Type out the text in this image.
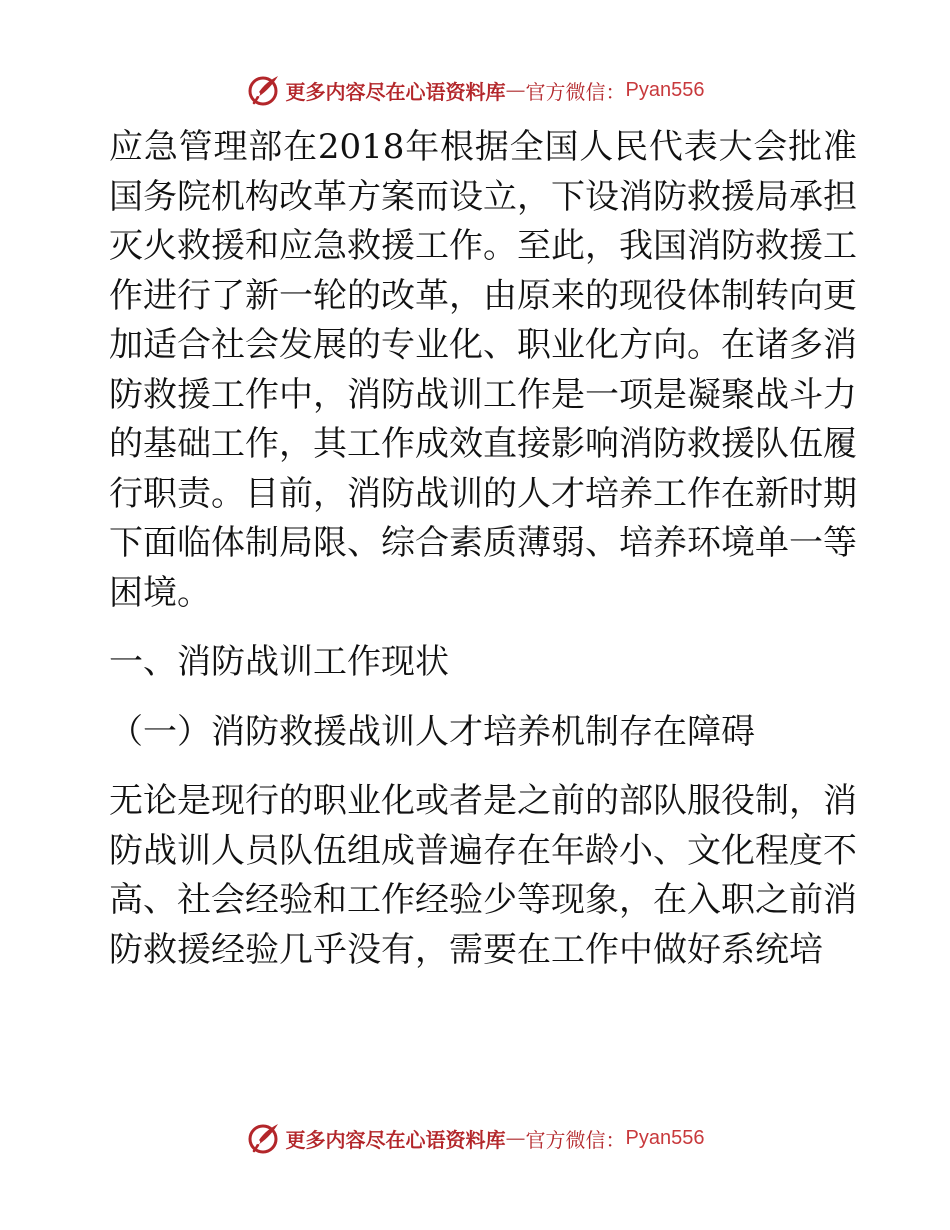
更多内容尽在心语资料库 — 官方微信： Pyan556

应急管理部在2018年根据全国人民代表大会批准国务院机构改革方案而设立，下设消防救援局承担灭火救援和应急救援工作。至此，我国消防救援工作进行了新一轮的改革，由原来的现役体制转向更加适合社会发展的专业化、职业化方向。在诸多消防救援工作中，消防战训工作是一项是凝聚战斗力的基础工作，其工作成效直接影响消防救援队伍履行职责。目前，消防战训的人才培养工作在新时期下面临体制局限、综合素质薄弱、培养环境单一等困境。

一、消防战训工作现状

（一）消防救援战训人才培养机制存在障碍

无论是现行的职业化或者是之前的部队服役制，消防战训人员队伍组成普遍存在年龄小、文化程度不高、社会经验和工作经验少等现象，在入职之前消防救援经验几乎没有，需要在工作中做好系统培

更多内容尽在心语资料库 — 官方微信： Pyan556
